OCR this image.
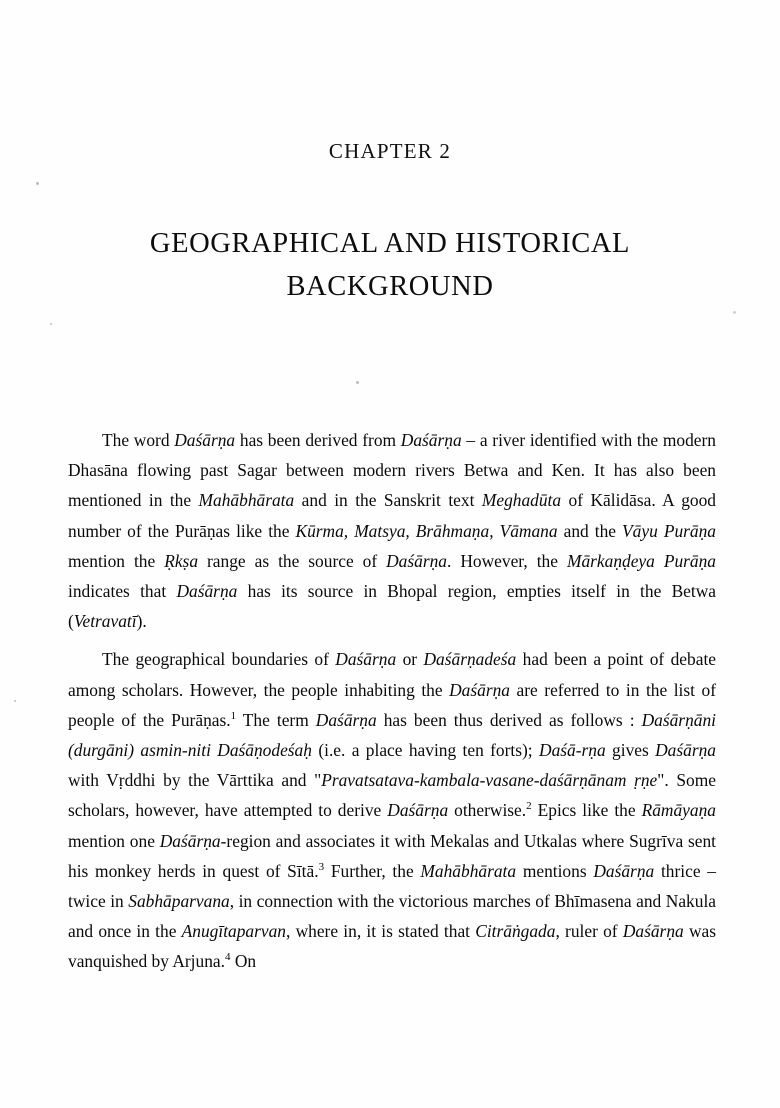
CHAPTER 2
GEOGRAPHICAL AND HISTORICAL
BACKGROUND

The word Daśārṇa has been derived from Daśārṇa – a river identified with the modern Dhasāna flowing past Sagar between modern rivers Betwa and Ken. It has also been mentioned in the Mahābhārata and in the Sanskrit text Meghadūta of Kālidāsa. A good number of the Purāṇas like the Kūrma, Matsya, Brāhmaṇa, Vāmana and the Vāyu Purāṇa mention the Ṛkṣa range as the source of Daśārṇa. However, the Mārkaṇḍeya Purāṇa indicates that Daśārṇa has its source in Bhopal region, empties itself in the Betwa (Vetravatī).

The geographical boundaries of Daśārṇa or Daśārṇadeśa had been a point of debate among scholars. However, the people inhabiting the Daśārṇa are referred to in the list of people of the Purāṇas.$^1$ The term Daśārṇa has been thus derived as follows : Daśārṇāni (durgāni) asmin-niti Daśāṇodeśaḥ (i.e. a place having ten forts); Daśā-rṇa gives Daśārṇa with Vṛddhi by the Vārttika and "Pravatsatava-kambala-vasane-daśārṇānam ṛṇe". Some scholars, however, have attempted to derive Daśārṇa otherwise.$^2$ Epics like the Rāmāyaṇa mention one Daśārṇa-region and associates it with Mekalas and Utkalas where Sugrīva sent his monkey herds in quest of Sītā.$^3$ Further, the Mahābhārata mentions Daśārṇa thrice – twice in Sabhāparvana, in connection with the victorious marches of Bhīmasena and Nakula and once in the Anugītaparvan, where in, it is stated that Citrāṅgada, ruler of Daśārṇa was vanquished by Arjuna.$^4$ On
